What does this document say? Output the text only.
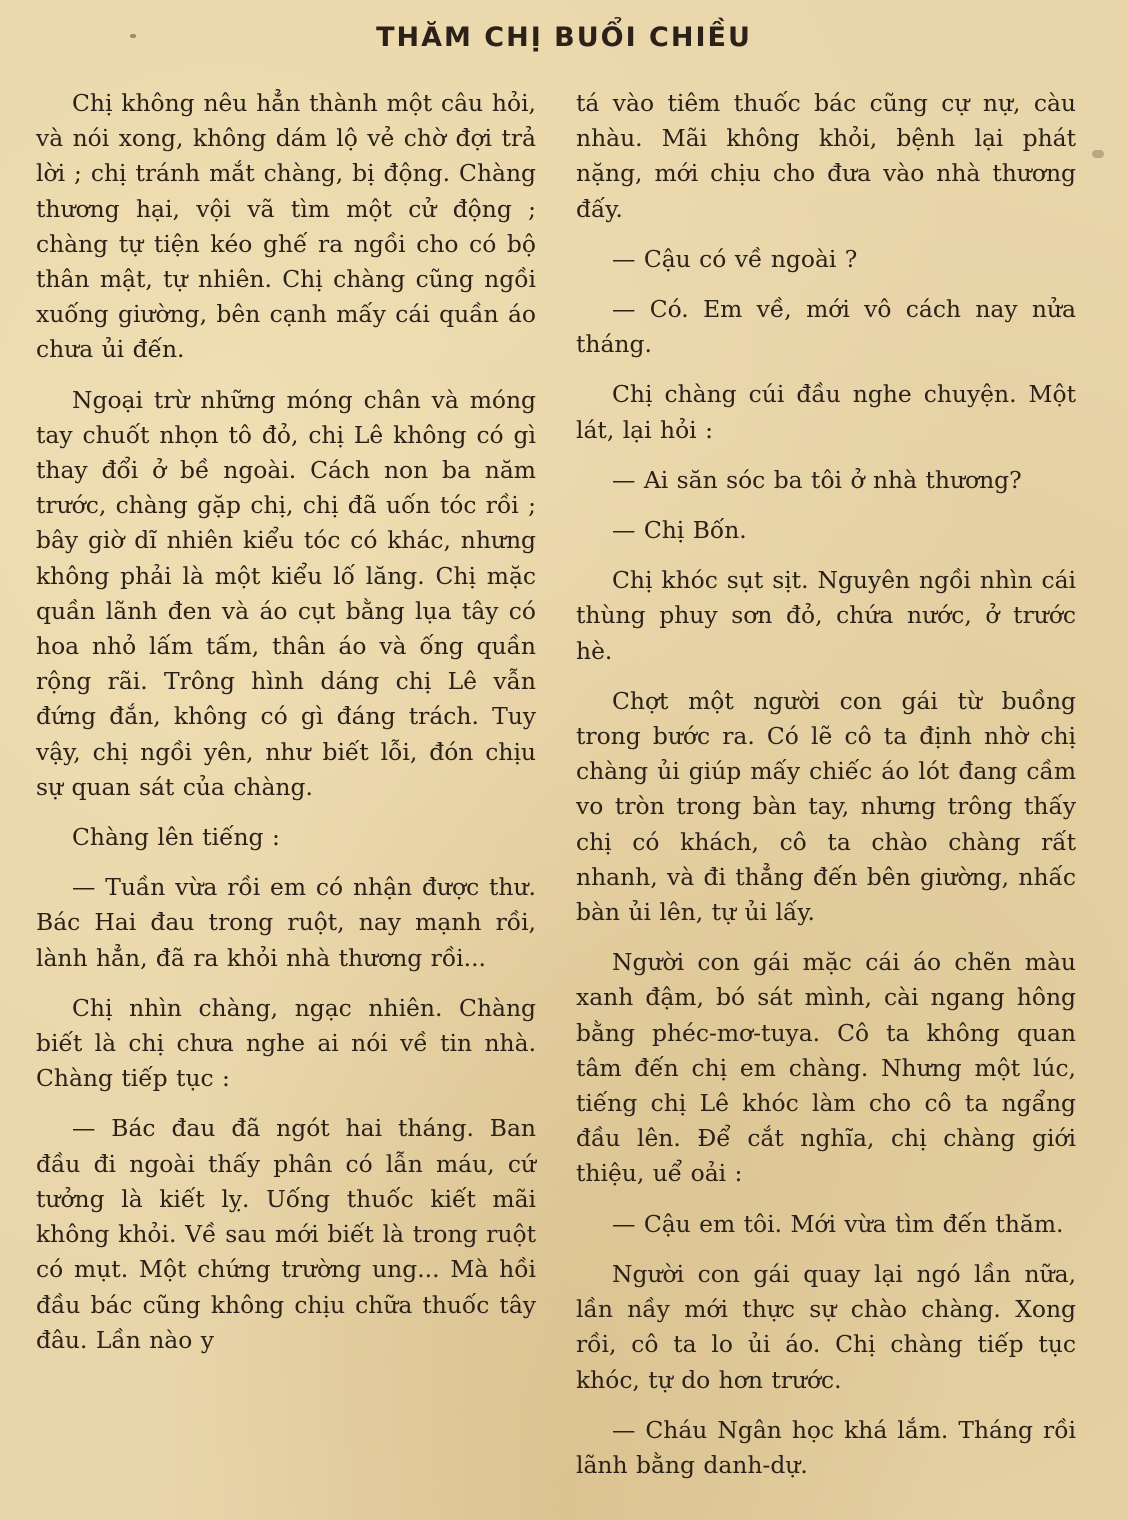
THĂM CHỊ BUỔI CHIỀU

Chị không nêu hẳn thành một câu hỏi, và nói xong, không dám lộ vẻ chờ đợi trả lời ; chị tránh mắt chàng, bị động. Chàng thương hại, vội vã tìm một cử động ; chàng tự tiện kéo ghế ra ngồi cho có bộ thân mật, tự nhiên. Chị chàng cũng ngồi xuống giường, bên cạnh mấy cái quần áo chưa ủi đến.

Ngoại trừ những móng chân và móng tay chuốt nhọn tô đỏ, chị Lê không có gì thay đổi ở bề ngoài. Cách non ba năm trước, chàng gặp chị, chị đã uốn tóc rồi ; bây giờ dĩ nhiên kiểu tóc có khác, nhưng không phải là một kiểu lố lăng. Chị mặc quần lãnh đen và áo cụt bằng lụa tây có hoa nhỏ lấm tấm, thân áo và ống quần rộng rãi. Trông hình dáng chị Lê vẫn đứng đắn, không có gì đáng trách. Tuy vậy, chị ngồi yên, như biết lỗi, đón chịu sự quan sát của chàng.

Chàng lên tiếng :

— Tuần vừa rồi em có nhận được thư. Bác Hai đau trong ruột, nay mạnh rồi, lành hẳn, đã ra khỏi nhà thương rồi...

Chị nhìn chàng, ngạc nhiên. Chàng biết là chị chưa nghe ai nói về tin nhà. Chàng tiếp tục :

— Bác đau đã ngót hai tháng. Ban đầu đi ngoài thấy phân có lẫn máu, cứ tưởng là kiết lỵ. Uống thuốc kiết mãi không khỏi. Về sau mới biết là trong ruột có mụt. Một chứng trường ung... Mà hồi đầu bác cũng không chịu chữa thuốc tây đâu. Lần nào y

tá vào tiêm thuốc bác cũng cự nự, càu nhàu. Mãi không khỏi, bệnh lại phát nặng, mới chịu cho đưa vào nhà thương đấy.

— Cậu có về ngoài ?

— Có. Em về, mới vô cách nay nửa tháng.

Chị chàng cúi đầu nghe chuyện. Một lát, lại hỏi :

— Ai săn sóc ba tôi ở nhà thương?

— Chị Bốn.

Chị khóc sụt sịt. Nguyên ngồi nhìn cái thùng phuy sơn đỏ, chứa nước, ở trước hè.

Chợt một người con gái từ buồng trong bước ra. Có lẽ cô ta định nhờ chị chàng ủi giúp mấy chiếc áo lót đang cầm vo tròn trong bàn tay, nhưng trông thấy chị có khách, cô ta chào chàng rất nhanh, và đi thẳng đến bên giường, nhấc bàn ủi lên, tự ủi lấy.

Người con gái mặc cái áo chẽn màu xanh đậm, bó sát mình, cài ngang hông bằng phéc-mơ-tuya. Cô ta không quan tâm đến chị em chàng. Nhưng một lúc, tiếng chị Lê khóc làm cho cô ta ngẩng đầu lên. Để cắt nghĩa, chị chàng giới thiệu, uể oải :

— Cậu em tôi. Mới vừa tìm đến thăm.

Người con gái quay lại ngó lần nữa, lần nầy mới thực sự chào chàng. Xong rồi, cô ta lo ủi áo. Chị chàng tiếp tục khóc, tự do hơn trước.

— Cháu Ngân học khá lắm. Tháng rồi lãnh bằng danh-dự.
